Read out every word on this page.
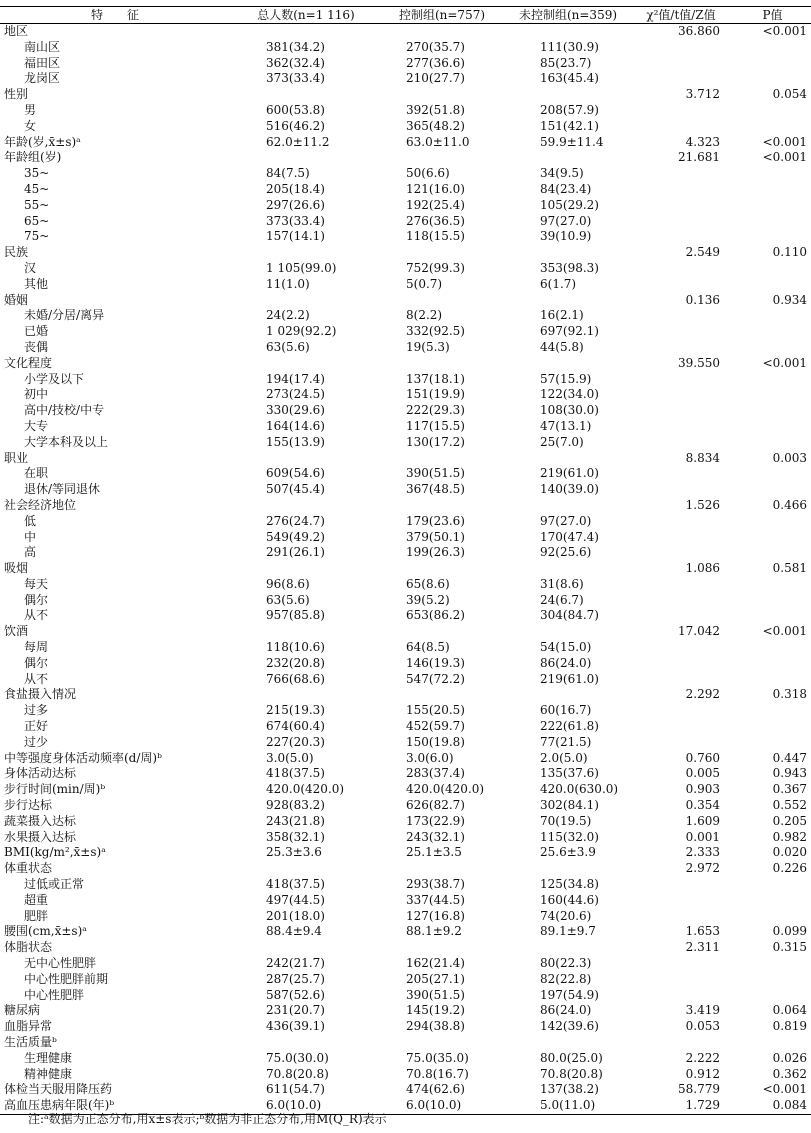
特　征	总人数(n=1 116)	控制组(n=757)	未控制组(n=359)	χ²值/t值/Z值	P值
地区				36.860	<0.001
南山区	381(34.2)	270(35.7)	111(30.9)		
福田区	362(32.4)	277(36.6)	85(23.7)		
龙岗区	373(33.4)	210(27.7)	163(45.4)		
性别				3.712	0.054
男	600(53.8)	392(51.8)	208(57.9)		
女	516(46.2)	365(48.2)	151(42.1)		
年龄(岁,x̄±s)ᵃ	62.0±11.2	63.0±11.0	59.9±11.4	4.323	<0.001
年龄组(岁)				21.681	<0.001
35~	84(7.5)	50(6.6)	34(9.5)		
45~	205(18.4)	121(16.0)	84(23.4)		
55~	297(26.6)	192(25.4)	105(29.2)		
65~	373(33.4)	276(36.5)	97(27.0)		
75~	157(14.1)	118(15.5)	39(10.9)		
民族				2.549	0.110
汉	1 105(99.0)	752(99.3)	353(98.3)		
其他	11(1.0)	5(0.7)	6(1.7)		
婚姻				0.136	0.934
未婚/分居/离异	24(2.2)	8(2.2)	16(2.1)		
已婚	1 029(92.2)	332(92.5)	697(92.1)		
丧偶	63(5.6)	19(5.3)	44(5.8)		
文化程度				39.550	<0.001
小学及以下	194(17.4)	137(18.1)	57(15.9)		
初中	273(24.5)	151(19.9)	122(34.0)		
高中/技校/中专	330(29.6)	222(29.3)	108(30.0)		
大专	164(14.6)	117(15.5)	47(13.1)		
大学本科及以上	155(13.9)	130(17.2)	25(7.0)		
职业				8.834	0.003
在职	609(54.6)	390(51.5)	219(61.0)		
退休/等同退休	507(45.4)	367(48.5)	140(39.0)		
社会经济地位				1.526	0.466
低	276(24.7)	179(23.6)	97(27.0)		
中	549(49.2)	379(50.1)	170(47.4)		
高	291(26.1)	199(26.3)	92(25.6)		
吸烟				1.086	0.581
每天	96(8.6)	65(8.6)	31(8.6)		
偶尔	63(5.6)	39(5.2)	24(6.7)		
从不	957(85.8)	653(86.2)	304(84.7)		
饮酒				17.042	<0.001
每周	118(10.6)	64(8.5)	54(15.0)		
偶尔	232(20.8)	146(19.3)	86(24.0)		
从不	766(68.6)	547(72.2)	219(61.0)		
食盐摄入情况				2.292	0.318
过多	215(19.3)	155(20.5)	60(16.7)		
正好	674(60.4)	452(59.7)	222(61.8)		
过少	227(20.3)	150(19.8)	77(21.5)		
中等强度身体活动频率(d/周)ᵇ	3.0(5.0)	3.0(6.0)	2.0(5.0)	0.760	0.447
身体活动达标	418(37.5)	283(37.4)	135(37.6)	0.005	0.943
步行时间(min/周)ᵇ	420.0(420.0)	420.0(420.0)	420.0(630.0)	0.903	0.367
步行达标	928(83.2)	626(82.7)	302(84.1)	0.354	0.552
蔬菜摄入达标	243(21.8)	173(22.9)	70(19.5)	1.609	0.205
水果摄入达标	358(32.1)	243(32.1)	115(32.0)	0.001	0.982
BMI(kg/m²,x̄±s)ᵃ	25.3±3.6	25.1±3.5	25.6±3.9	2.333	0.020
体重状态				2.972	0.226
过低或正常	418(37.5)	293(38.7)	125(34.8)		
超重	497(44.5)	337(44.5)	160(44.6)		
肥胖	201(18.0)	127(16.8)	74(20.6)		
腰围(cm,x̄±s)ᵃ	88.4±9.4	88.1±9.2	89.1±9.7	1.653	0.099
体脂状态				2.311	0.315
无中心性肥胖	242(21.7)	162(21.4)	80(22.3)		
中心性肥胖前期	287(25.7)	205(27.1)	82(22.8)		
中心性肥胖	587(52.6)	390(51.5)	197(54.9)		
糖尿病	231(20.7)	145(19.2)	86(24.0)	3.419	0.064
血脂异常	436(39.1)	294(38.8)	142(39.6)	0.053	0.819
生活质量ᵇ					
生理健康	75.0(30.0)	75.0(35.0)	80.0(25.0)	2.222	0.026
精神健康	70.8(20.8)	70.8(16.7)	70.8(20.8)	0.912	0.362
体检当天服用降压药	611(54.7)	474(62.6)	137(38.2)	58.779	<0.001
高血压患病年限(年)ᵇ	6.0(10.0)	6.0(10.0)	5.0(11.0)	1.729	0.084
注:ᵃ数据为正态分布,用x̄±s表示;ᵇ数据为非正态分布,用M(Q_R)表示
